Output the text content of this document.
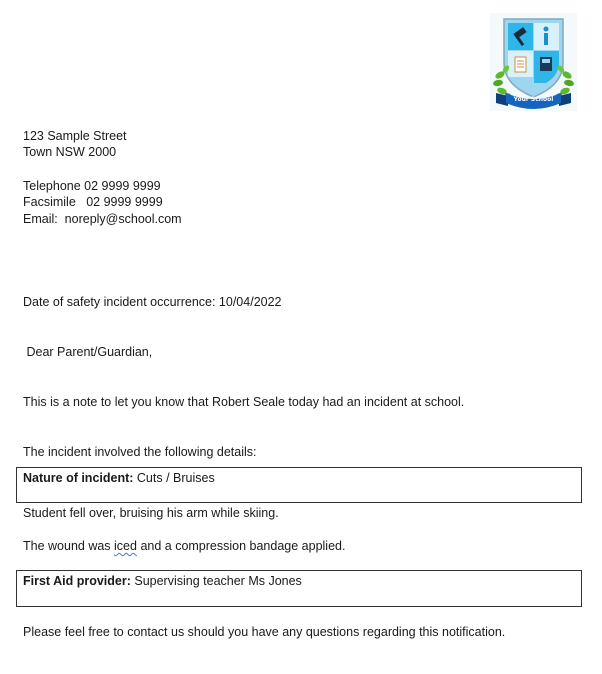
Your School
123 Sample Street
Town NSW 2000
Telephone 02 9999 9999
Facsimile   02 9999 9999
Email:  noreply@school.com
Date of safety incident occurrence: 10/04/2022
Dear Parent/Guardian,
This is a note to let you know that Robert Seale today had an incident at school.
The incident involved the following details:
Nature of incident: Cuts / Bruises
Student fell over, bruising his arm while skiing.
The wound was iced and a compression bandage applied.
First Aid provider: Supervising teacher Ms Jones
Please feel free to contact us should you have any questions regarding this notification.
